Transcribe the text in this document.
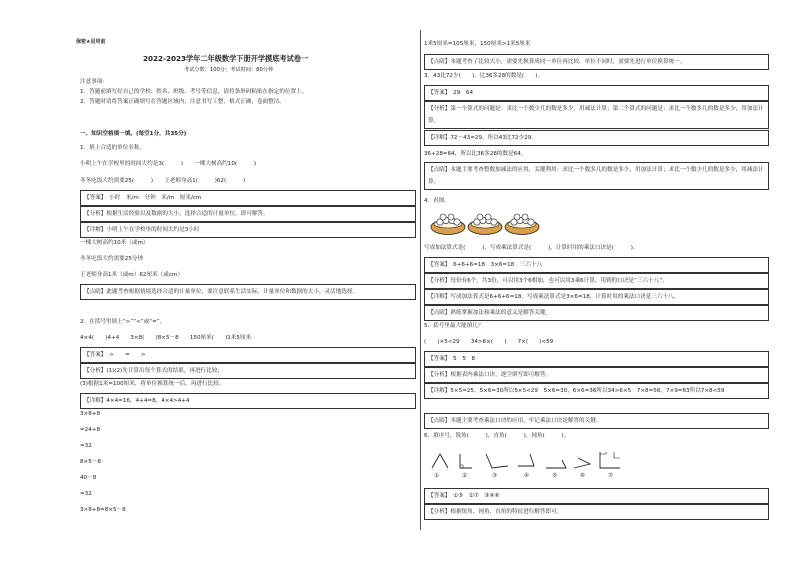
保密★启用前
2022-2023学年二年级数学下册开学摸底考试卷一
考试分数：100分；考试时间：80分钟
注意事项：
1．答题前填写好自己的学校、姓名、班级、考号等信息，请将条形码粘贴在指定的位置上。
2．答题时请将答案正确填写在答题区域内，注意书写工整，格式正确，卷面整洁。
一、知识空格填一填。(每空1分，共35分)
1．填上合适的单位名称。
小明上午在学校里的时间大约是3(　　　)　　一棵大树高约10(　　　)
冬冬吃饭大约需要25(　　　)　　王老师身高1(　　　)62(　　　)
【答案】　小时　米/m　分钟　米/m　厘米/cm
【分析】根据生活经验以及数据的大小，选择合适的计量单位，即可解答。
【详解】小明上午在学校里的时间大约是3小时
一棵大树高约10米（或m）
冬冬吃饭大约需要25分钟
王老师身高1米（或m）62厘米（或cm）
【点睛】此题考查根据情境选择合适的计量单位，要注意联系生活实际、计量单位和数据的大小，灵活地选择。
2．在括号里填上“>”“<”或“=”。
4×4(　　)4+4　　3×8(　　)8×5－8　　150厘米(　　)1米5厘米
【答案】　>　　=　　>
【分析】(1)(2)先计算出每个算式的结果，再进行比较；
(3)根据1米=100厘米，将单位换算统一后，再进行比较。
【详解】4×4=16，4+4=8，4×4>4+4
3×8+8
=24+8
=32
8×5－8
40－8
=32
3×8+8=8×5－8
1米5厘米=105厘米，150厘米>1米5厘米
【点睛】本题考查了比较大小，需要先换算成同一单位再比较，单位不同时，需要先进行单位换算统一。
3．43比72少(　　)，比36多28的数是(　　)。
【答案】　29　64
【分析】第一个算式的问题是：求比一个数少几的数是多少，用减法计算；第二个算式的问题是：求比一个数多几的数是多少，用加法计算。
【详解】72－43=29，所以43比72少29。
36+28=64，所以比36多28的数是64。
【点睛】本题主要考查整数加减法的应用，关键利用：求比一个数多几的数是多少，用加法计算；求比一个数少几的数是多少，用减法计算。
4．看图。
写成加法算式是(　　　)，写成乘法算式是(　　　)，计算时用的乘法口诀是(　　　)。
【答案】　6+6+6=18　3×6=18　三六十八
【分析】每份有6个，共3份，可以用3个6相加，也可以用3乘6计算，用到的口诀是“三六十八”。
【详解】写成加法算式是6+6+6=18，写成乘法算式是3×6=18，计算时用的乘法口诀是三六十八。
【点睛】熟练掌握加法和乘法的意义是解答关键。
5．括号里最大能填几？
(　　)×5<29　　34>6×(　　)　　7×(　　)<59
【答案】　5　5　8
【分析】根据表内乘法口诀，逐空填写即可解答。
【详解】5×5=25，5×6=30所以5×5<29　5×6=30，6×6=36所以34>6×5　7×8=56，7×9=63所以7×8<59
【点睛】本题主要考查乘法口诀的应用，牢记乘法口诀是解答的关键。
6．填序号，锐角(　　　)，直角(　　　)，钝角(　　　)。
①	②	③	④	⑤	⑥	⑦
【答案】　①⑤　②⑦　③④⑥
【分析】根据锐角、钝角、直角的特征进行解答即可。
